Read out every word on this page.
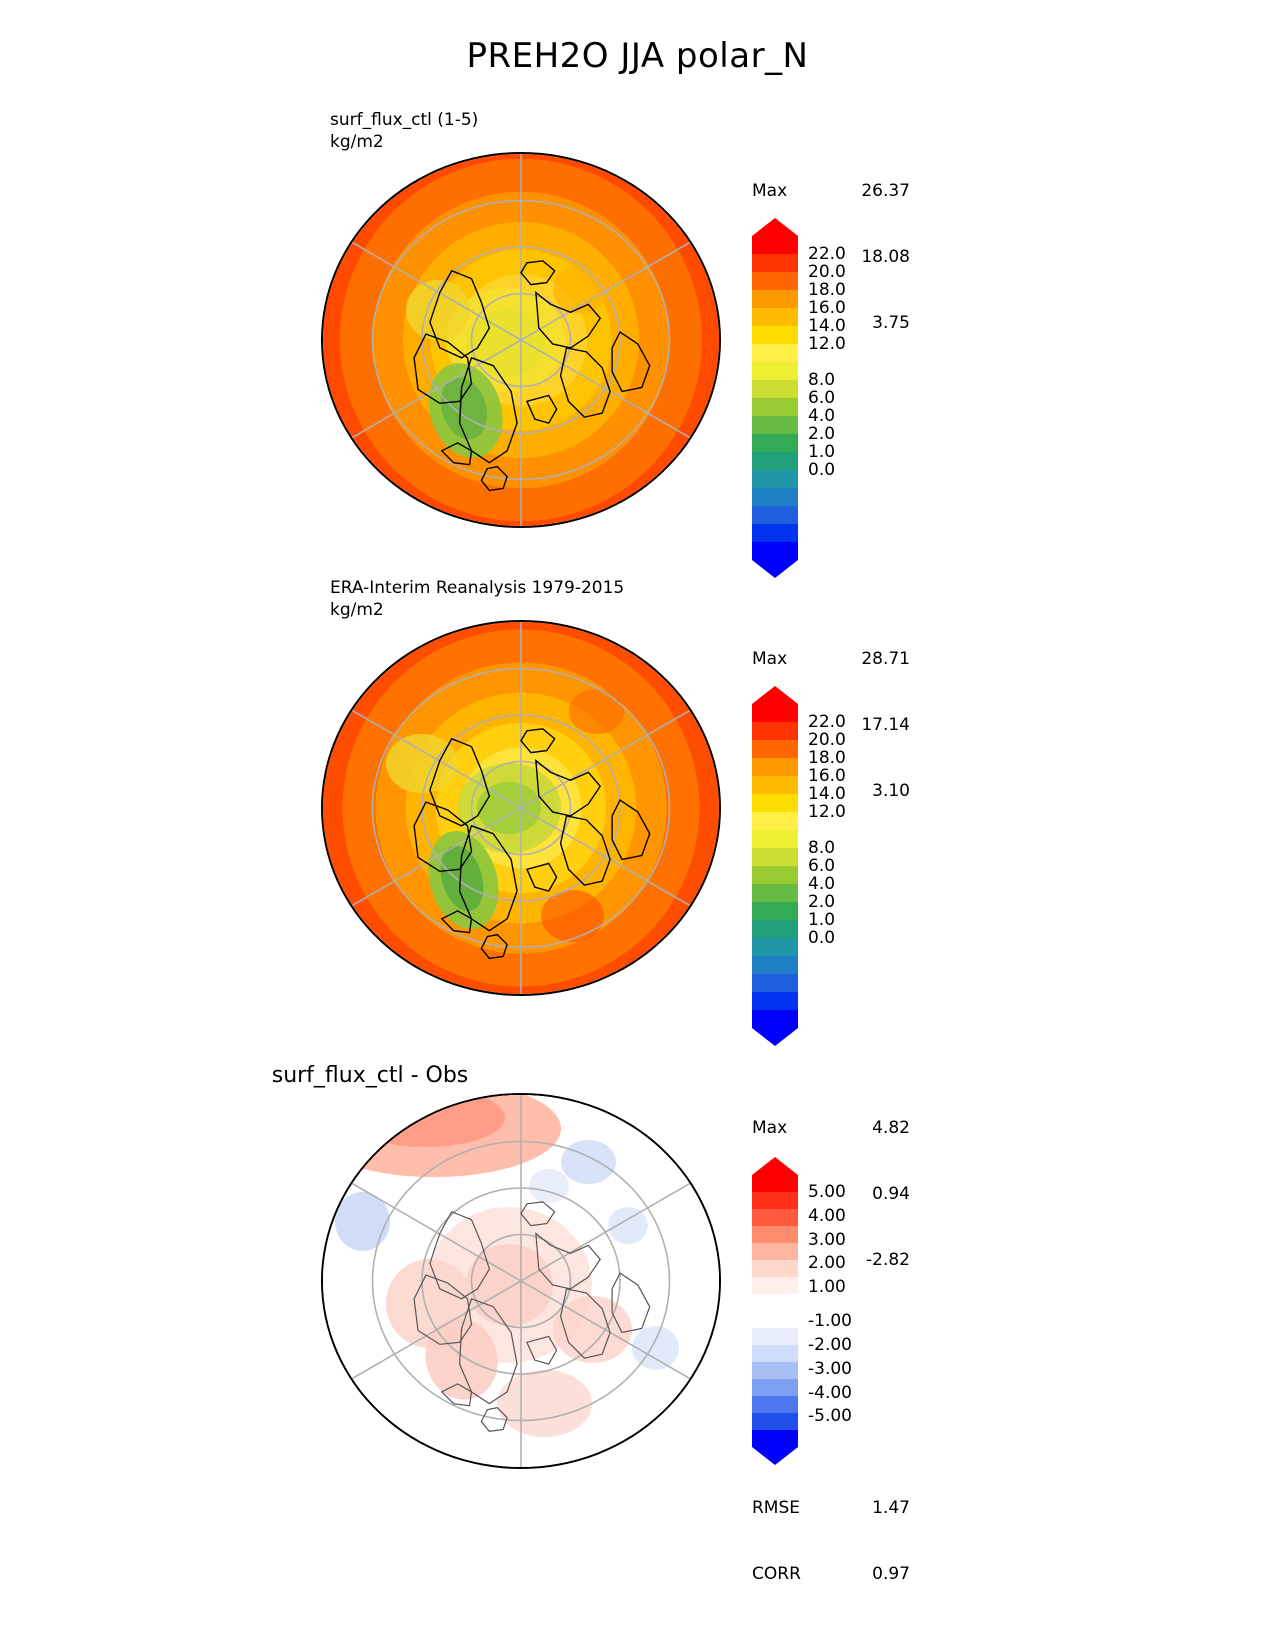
PREH2O JJA polar_N
surf_flux_ctl (1-5)
kg/m2

Max	26.37

18.08

3.75

22.0
20.0
18.0
16.0
14.0
12.0
8.0
6.0
4.0
2.0
1.0
0.0
ERA-Interim Reanalysis 1979-2015
kg/m2

Max	28.71

17.14

3.10

22.0
20.0
18.0
16.0
14.0
12.0
8.0
6.0
4.0
2.0
1.0
0.0
surf_flux_ctl - Obs

Max	4.82

0.94

-2.82

5.00
4.00
3.00
2.00
1.00
-1.00
-2.00
-3.00
-4.00
-5.00

RMSE	1.47

CORR	0.97
